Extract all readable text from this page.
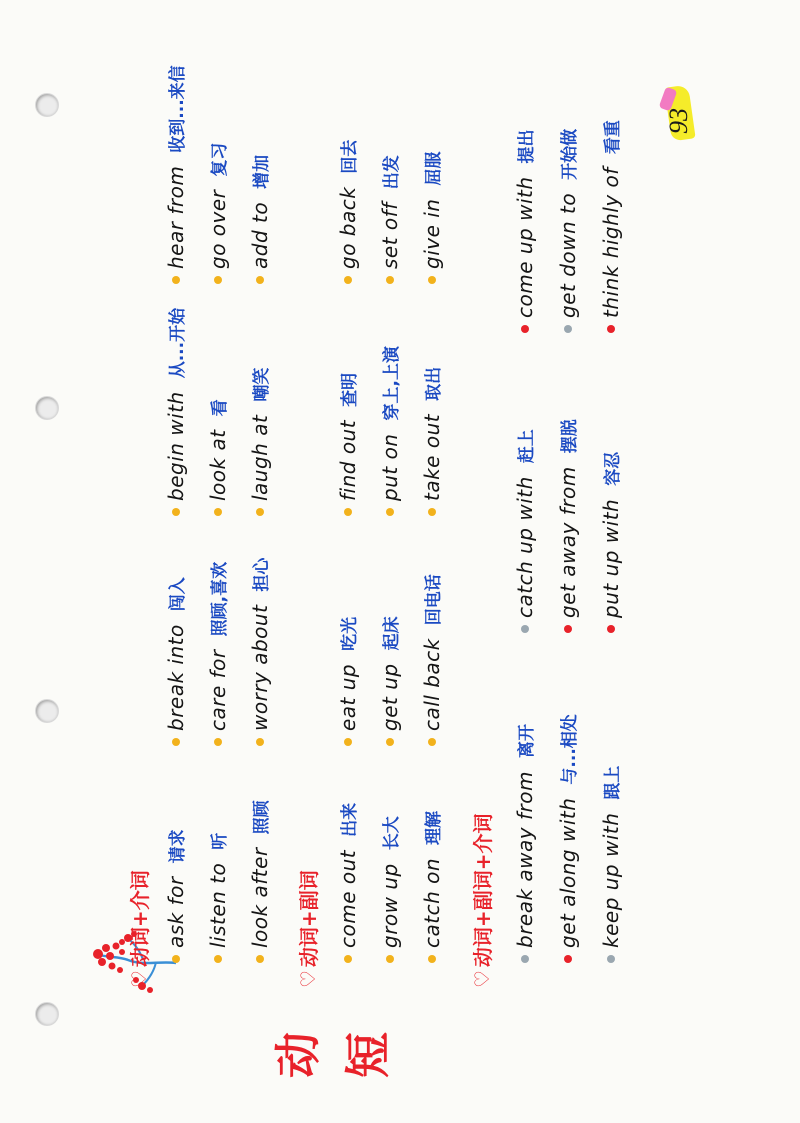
动 短
93
♡
动词+介词 ask for
请求
break into
闯入
begin with
从...开始
hear from
收到...来信
listen to
听
care for
照顾,喜欢
look at
看
go over
复习
look after
照顾
worry about
担心
laugh at
嘲笑
add to
增加
♡
动词+副词 come out
出来
eat up
吃光
find out
查明
go back
回去
grow up
长大
get up
起床
put on
穿上,上演
set off
出发
catch on
理解
call back
回电话
take out
取出
give in
屈服
♡
动词+副词+介词 break away from
离开
catch up with
赶上
come up with
提出
get along with
与...相处
get away from
摆脱
get down to
开始做
keep up with
跟上
put up with
容忍
think highly of
看重
